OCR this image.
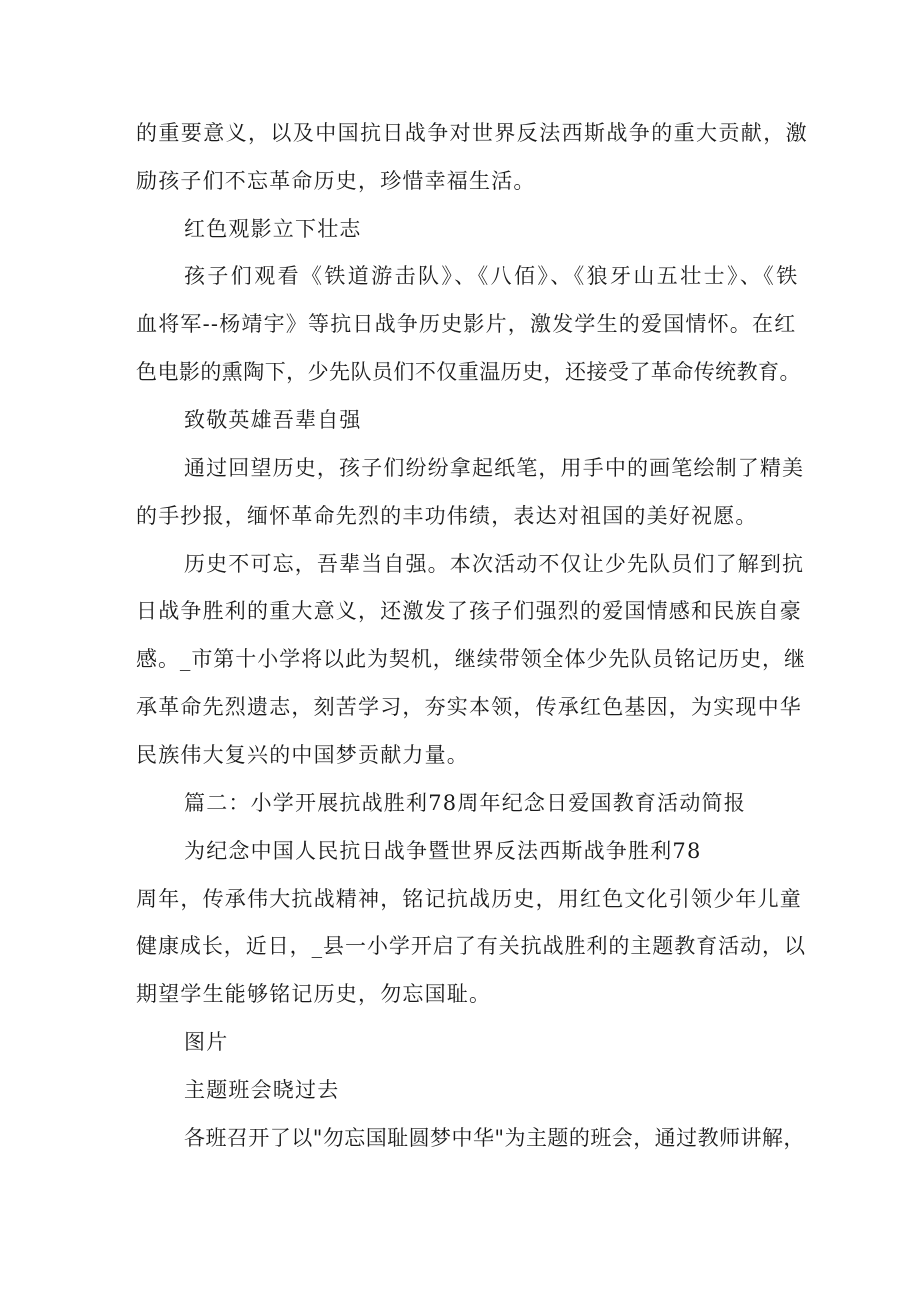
的重要意义，以及中国抗日战争对世界反法西斯战争的重大贡献，激
励孩子们不忘革命历史，珍惜幸福生活。
红色观影立下壮志
孩子们观看《铁道游击队》、《八佰》、《狼牙山五壮士》、《铁
血将军--杨靖宇》等抗日战争历史影片，激发学生的爱国情怀。在红
色电影的熏陶下，少先队员们不仅重温历史，还接受了革命传统教育。
致敬英雄吾辈自强
通过回望历史，孩子们纷纷拿起纸笔，用手中的画笔绘制了精美
的手抄报，缅怀革命先烈的丰功伟绩，表达对祖国的美好祝愿。
历史不可忘，吾辈当自强。本次活动不仅让少先队员们了解到抗
日战争胜利的重大意义，还激发了孩子们强烈的爱国情感和民族自豪
感。_市第十小学将以此为契机，继续带领全体少先队员铭记历史，继
承革命先烈遗志，刻苦学习，夯实本领，传承红色基因，为实现中华
民族伟大复兴的中国梦贡献力量。
篇二：小学开展抗战胜利78周年纪念日爱国教育活动简报
为纪念中国人民抗日战争暨世界反法西斯战争胜利78
周年，传承伟大抗战精神，铭记抗战历史，用红色文化引领少年儿童
健康成长，近日，_县一小学开启了有关抗战胜利的主题教育活动，以
期望学生能够铭记历史，勿忘国耻。
图片
主题班会晓过去
各班召开了以"勿忘国耻圆梦中华"为主题的班会，通过教师讲解，
